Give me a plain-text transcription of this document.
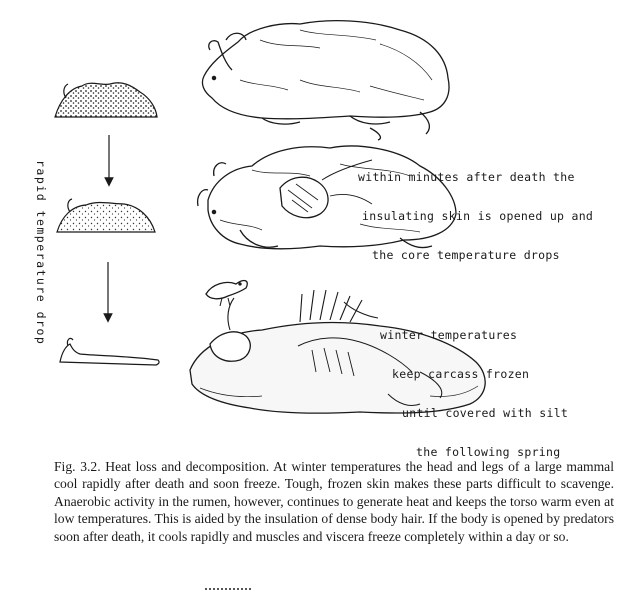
rapid temperature drop

	within minutes after death the

insulating skin is opened up and

the core temperature drops

winter temperatures

keep carcass frozen

until covered with silt

the following spring

Fig. 3.2. Heat loss and decomposition. At winter temperatures the head and legs of a large mammal cool rapidly after death and soon freeze. Tough, frozen skin makes these parts difficult to scavenge. Anaerobic activity in the rumen, however, continues to generate heat and keeps the torso warm even at low temperatures. This is aided by the insulation of dense body hair. If the body is opened by predators soon after death, it cools rapidly and muscles and viscera freeze completely within a day or so.
